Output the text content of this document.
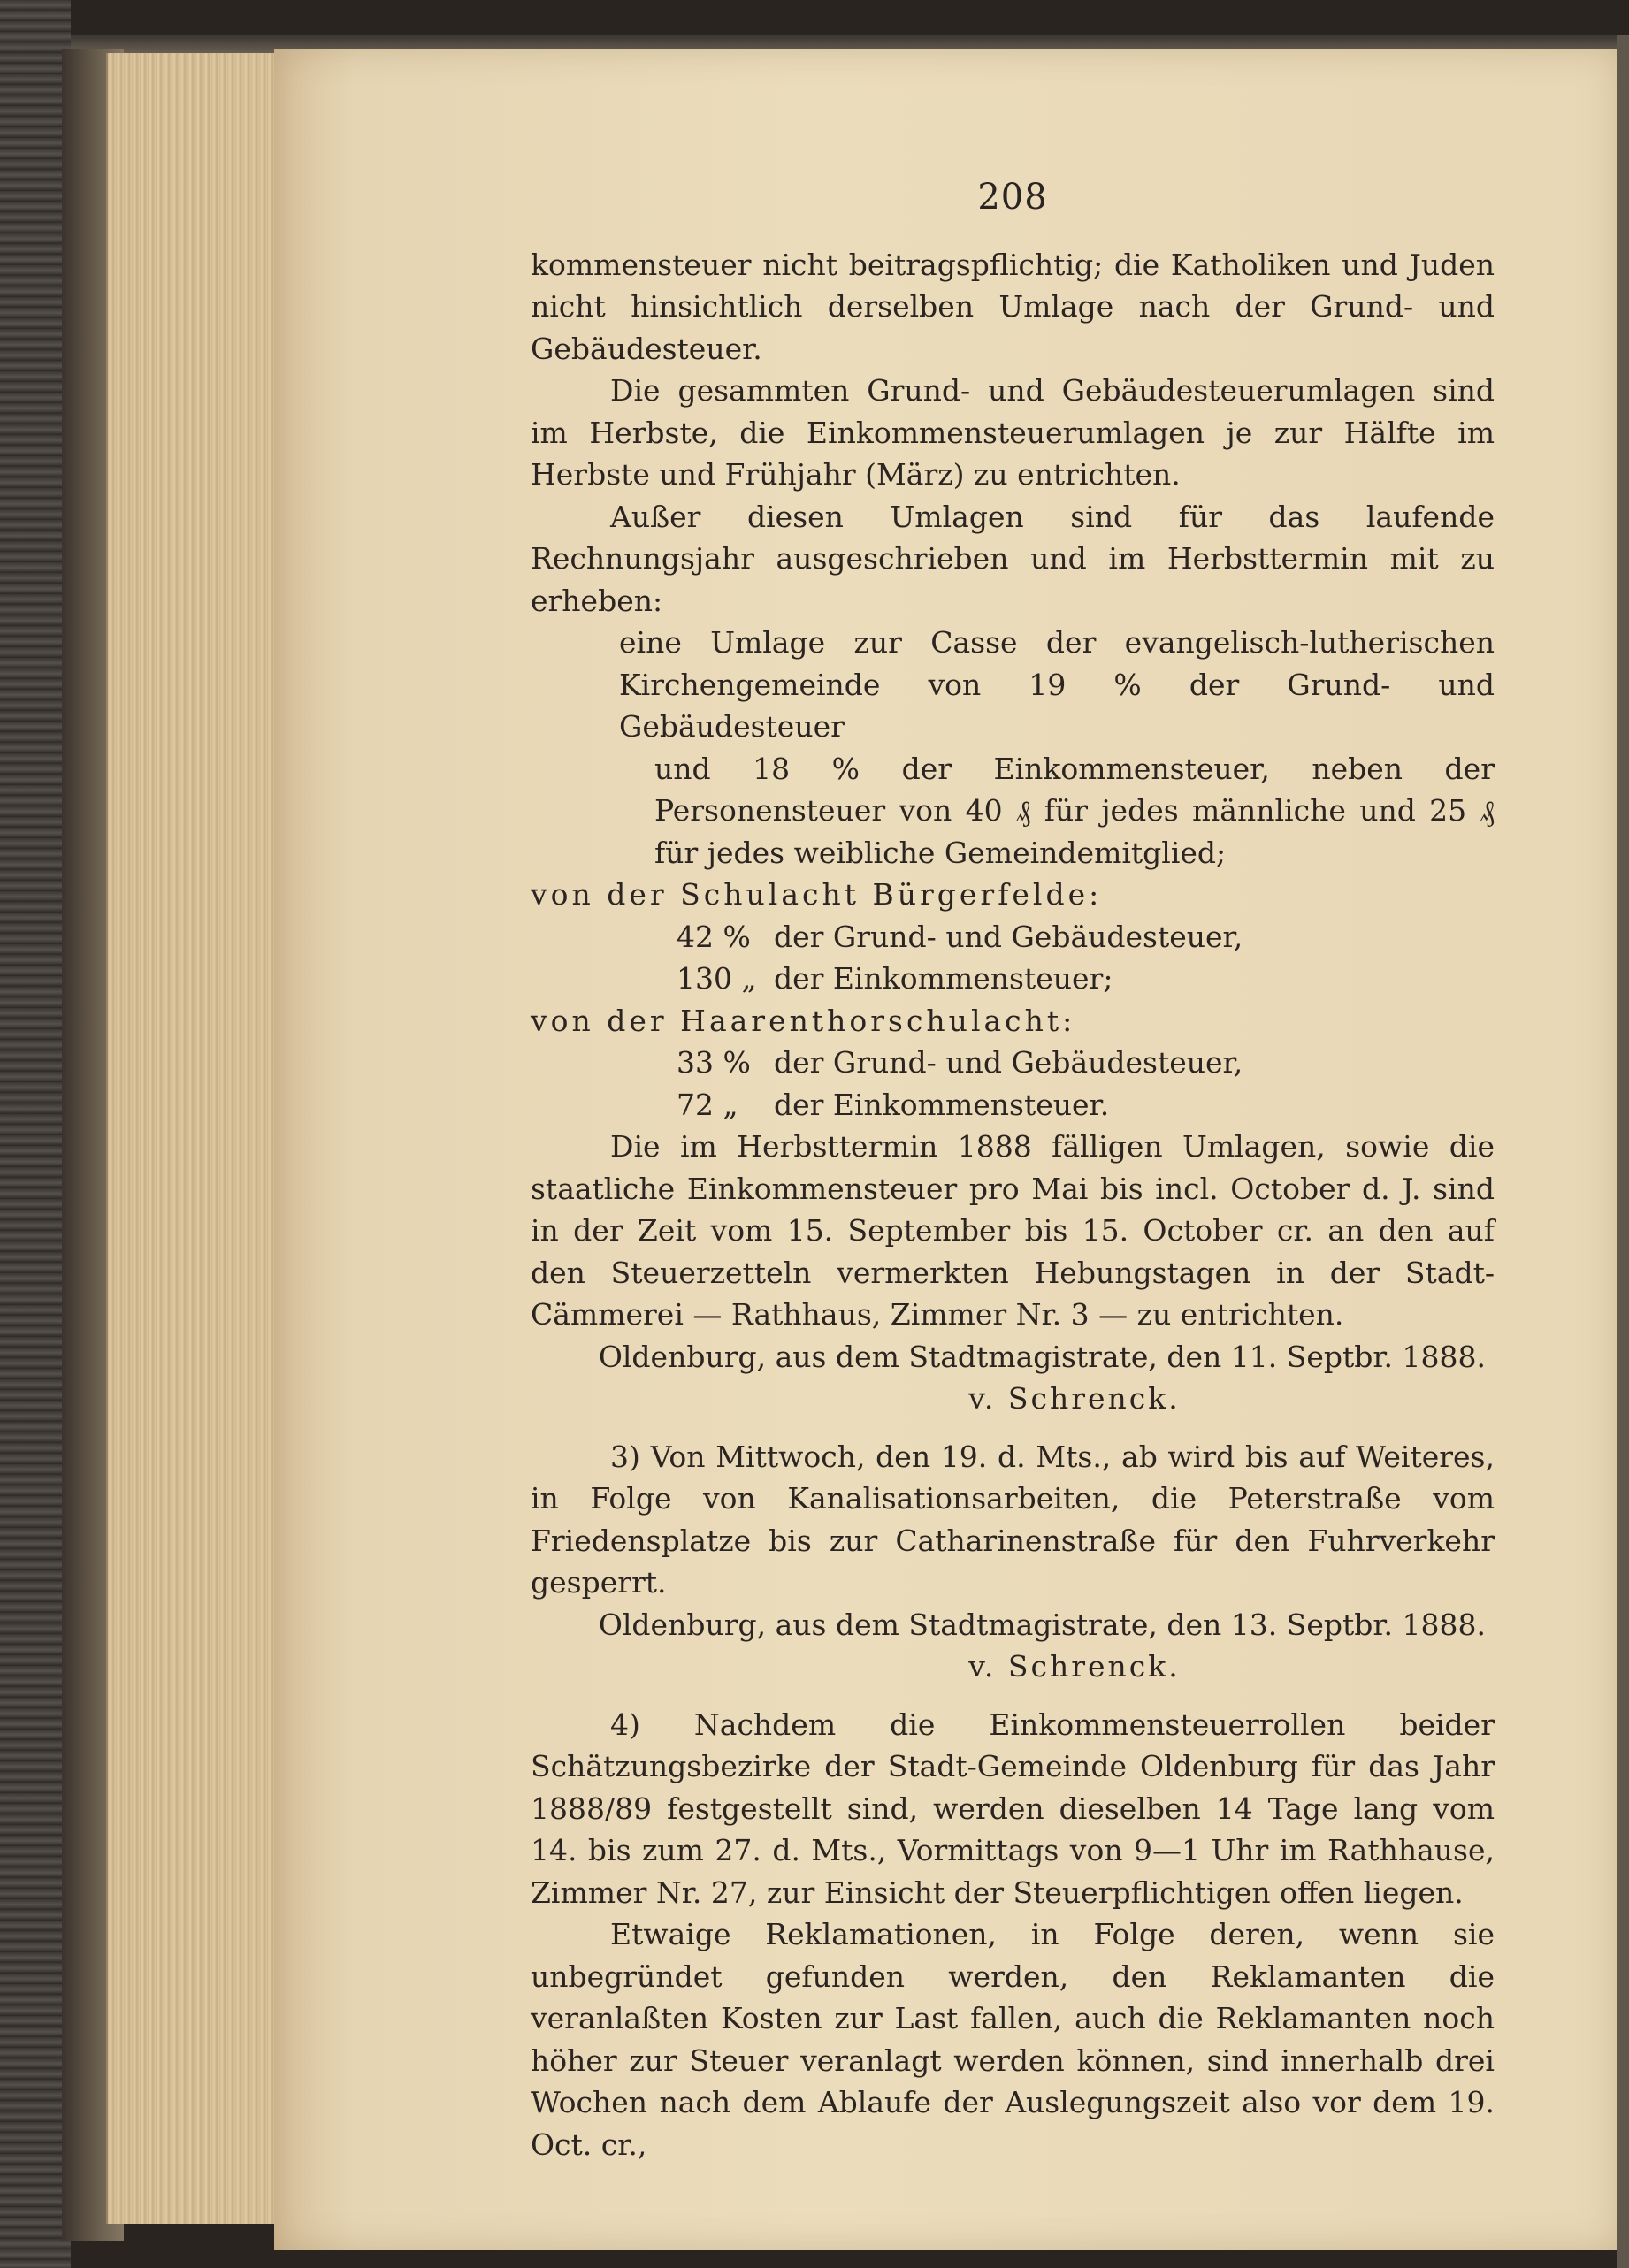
208

kommensteuer nicht beitragspflichtig; die Katholiken und Juden nicht hinsichtlich derselben Umlage nach der Grund- und Gebäudesteuer.

Die gesammten Grund- und Gebäudesteuerumlagen sind im Herbste, die Einkommensteuerumlagen je zur Hälfte im Herbste und Frühjahr (März) zu entrichten.

Außer diesen Umlagen sind für das laufende Rechnungsjahr ausgeschrieben und im Herbsttermin mit zu erheben:

eine Umlage zur Casse der evangelisch-lutherischen Kirchengemeinde von 19 % der Grund- und Gebäudesteuer

und 18 % der Einkommensteuer, neben der Personensteuer von 40 ₰ für jedes männliche und 25 ₰ für jedes weibliche Gemeindemitglied;

von der Schulacht Bürgerfelde:

42 % der Grund- und Gebäudesteuer,
130 „ der Einkommensteuer;

von der Haarenthorschulacht:

33 % der Grund- und Gebäudesteuer,
72 „	der Einkommensteuer.

Die im Herbsttermin 1888 fälligen Umlagen, sowie die staatliche Einkommensteuer pro Mai bis incl. October d. J. sind in der Zeit vom 15. September bis 15. October cr. an den auf den Steuerzetteln vermerkten Hebungstagen in der Stadt-Cämmerei — Rathhaus, Zimmer Nr. 3 — zu entrichten.

Oldenburg, aus dem Stadtmagistrate, den 11. Septbr. 1888.

v. Schrenck.

3) Von Mittwoch, den 19. d. Mts., ab wird bis auf Weiteres, in Folge von Kanalisationsarbeiten, die Peterstraße vom Friedensplatze bis zur Catharinenstraße für den Fuhrverkehr gesperrt.

Oldenburg, aus dem Stadtmagistrate, den 13. Septbr. 1888.

v. Schrenck.

4) Nachdem die Einkommensteuerrollen beider Schätzungsbezirke der Stadt-Gemeinde Oldenburg für das Jahr 1888/89 festgestellt sind, werden dieselben 14 Tage lang vom 14. bis zum 27. d. Mts., Vormittags von 9—1 Uhr im Rathhause, Zimmer Nr. 27, zur Einsicht der Steuerpflichtigen offen liegen.

Etwaige Reklamationen, in Folge deren, wenn sie unbegründet gefunden werden, den Reklamanten die veranlaßten Kosten zur Last fallen, auch die Reklamanten noch höher zur Steuer veranlagt werden können, sind innerhalb drei Wochen nach dem Ablaufe der Auslegungszeit also vor dem 19. Oct. cr.,
